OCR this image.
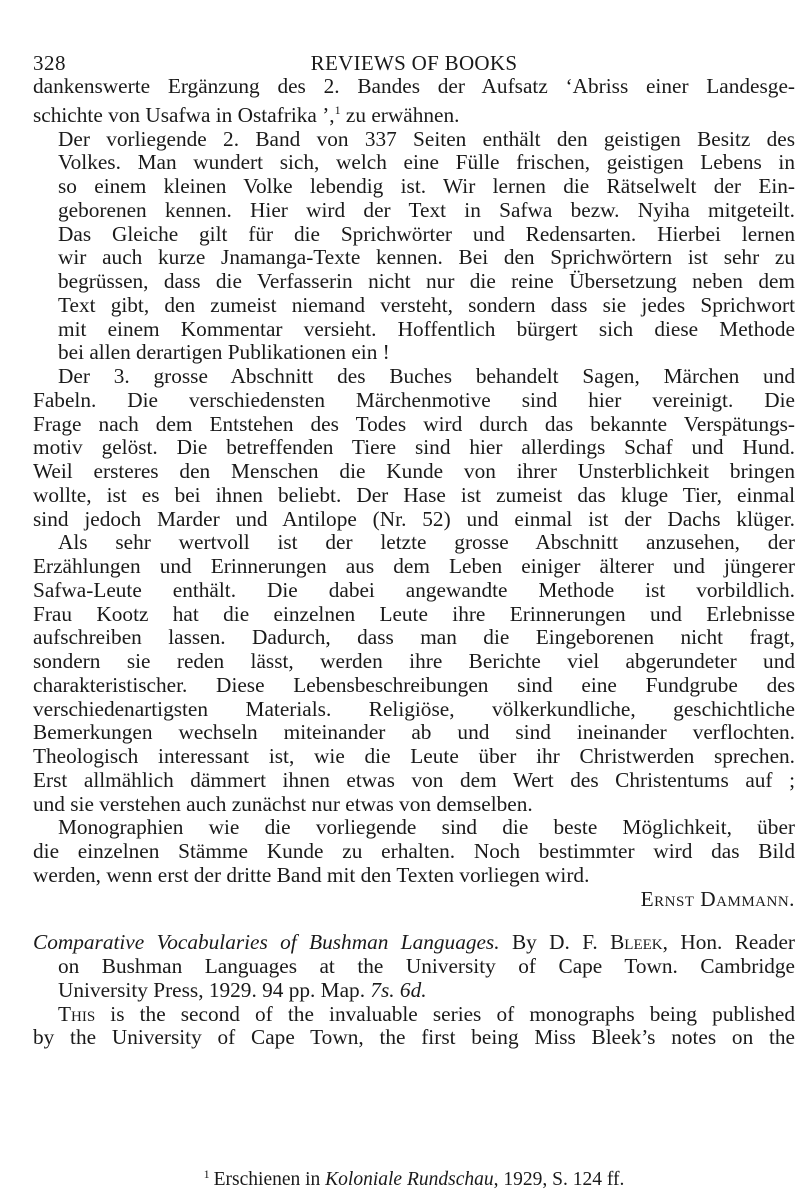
328	REVIEWS OF BOOKS

dankenswerte Ergänzung des 2. Bandes der Aufsatz ‘Abriss einer Landesge-
schichte von Usafwa in Ostafrika ’,$^1$ zu erwähnen.

Der vorliegende 2. Band von 337 Seiten enthält den geistigen Besitz des
Volkes. Man wundert sich, welch eine Fülle frischen, geistigen Lebens in
so einem kleinen Volke lebendig ist. Wir lernen die Rätselwelt der Ein-
geborenen kennen. Hier wird der Text in Safwa bezw. Nyiha mitgeteilt.
Das Gleiche gilt für die Sprichwörter und Redensarten. Hierbei lernen
wir auch kurze Jnamanga-Texte kennen. Bei den Sprichwörtern ist sehr zu
begrüssen, dass die Verfasserin nicht nur die reine Übersetzung neben dem
Text gibt, den zumeist niemand versteht, sondern dass sie jedes Sprichwort
mit einem Kommentar versieht. Hoffentlich bürgert sich diese Methode
bei allen derartigen Publikationen ein !

Der 3. grosse Abschnitt des Buches behandelt Sagen, Märchen und
Fabeln. Die verschiedensten Märchenmotive sind hier vereinigt. Die
Frage nach dem Entstehen des Todes wird durch das bekannte Verspätungs-
motiv gelöst. Die betreffenden Tiere sind hier allerdings Schaf und Hund.
Weil ersteres den Menschen die Kunde von ihrer Unsterblichkeit bringen
wollte, ist es bei ihnen beliebt. Der Hase ist zumeist das kluge Tier, einmal
sind jedoch Marder und Antilope (Nr. 52) und einmal ist der Dachs klüger.

Als sehr wertvoll ist der letzte grosse Abschnitt anzusehen, der
Erzählungen und Erinnerungen aus dem Leben einiger älterer und jüngerer
Safwa-Leute enthält. Die dabei angewandte Methode ist vorbildlich.
Frau Kootz hat die einzelnen Leute ihre Erinnerungen und Erlebnisse
aufschreiben lassen. Dadurch, dass man die Eingeborenen nicht fragt,
sondern sie reden lässt, werden ihre Berichte viel abgerundeter und
charakteristischer. Diese Lebensbeschreibungen sind eine Fundgrube des
verschiedenartigsten Materials. Religiöse, völkerkundliche, geschichtliche
Bemerkungen wechseln miteinander ab und sind ineinander verflochten.
Theologisch interessant ist, wie die Leute über ihr Christwerden sprechen.
Erst allmählich dämmert ihnen etwas von dem Wert des Christentums auf ;
und sie verstehen auch zunächst nur etwas von demselben.

Monographien wie die vorliegende sind die beste Möglichkeit, über
die einzelnen Stämme Kunde zu erhalten. Noch bestimmter wird das Bild
werden, wenn erst der dritte Band mit den Texten vorliegen wird.

Ernst Dammann.

Comparative Vocabularies of Bushman Languages. By D. F. Bleek, Hon. Reader
on Bushman Languages at the University of Cape Town. Cambridge
University Press, 1929. 94 pp. Map. 7s. 6d.

This is the second of the invaluable series of monographs being published
by the University of Cape Town, the first being Miss Bleek’s notes on the

$^1$ Erschienen in Koloniale Rundschau, 1929, S. 124 ff.
